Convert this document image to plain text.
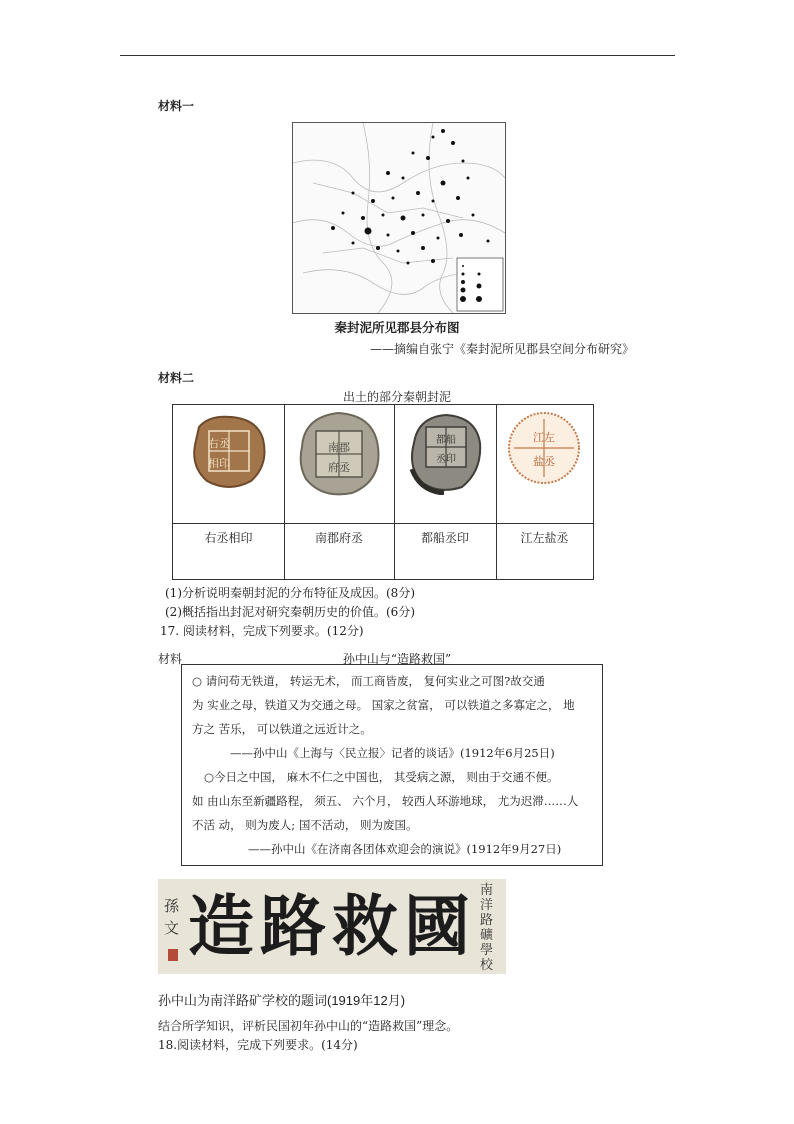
材料一
秦封泥所见郡县分布图
——摘编自张宁《秦封泥所见郡县空间分布研究》
材料二
出土的部分秦朝封泥
右丞
相印
右丞相印
南郡
府丞
南郡府丞
都船
丞印
都船丞印
江左
盐丞
江左盐丞
(1)分析说明秦朝封泥的分布特征及成因。(8分)
(2)概括指出封泥对研究秦朝历史的价值。(6分)
17. 阅读材料，完成下列要求。(12分)
材料	孙中山与“造路救国”
○ 请问苟无铁道， 转运无术， 而工商皆废， 复何实业之可图?故交通
为 实业之母，铁道又为交通之母。 国家之贫富， 可以铁道之多寡定之， 地
方之 苦乐， 可以铁道之远近计之。
——孙中山《上海与〈民立报〉记者的谈话》(1912年6月25日)
○今日之中国， 麻木不仁之中国也， 其受病之源， 则由于交通不便。
如 由山东至新疆路程， 须五、 六个月， 较西人环游地球， 尤为迟滞……人
不活 动， 则为废人; 国不活动， 则为废国。
——孙中山《在济南各团体欢迎会的演说》(1912年9月27日)
孫文 造路救國 南洋路礦學校
孙中山为南洋路矿学校的题词(1919年12月)
结合所学知识，评析民国初年孙中山的“造路救国”理念。
18.阅读材料，完成下列要求。(14分)
